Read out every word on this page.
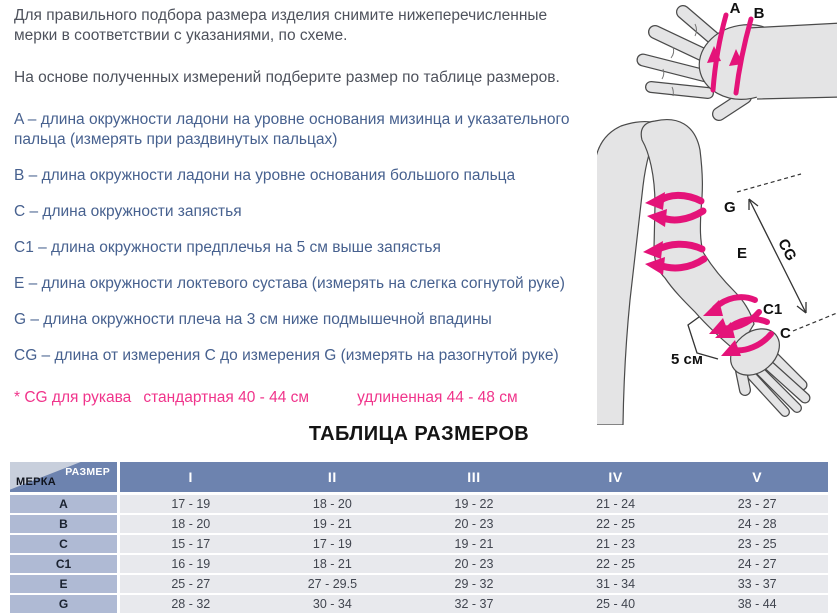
Для правильного подбора размера изделия снимите нижеперечисленные мерки в соответствии с указаниями, по схеме.
На основе полученных измерений подберите размер по таблице размеров.
A – длина окружности ладони на уровне основания мизинца и указательного пальца (измерять при раздвинутых пальцах)
B – длина окружности ладони на уровне основания большого пальца
C – длина окружности запястья
C1 – длина окружности предплечья на 5 см выше запястья
E – длина окружности локтевого сустава (измерять на слегка согнутой руке)
G – длина окружности плеча на 3 см ниже подмышечной впадины
CG – длина от измерения C до измерения G (измерять на разогнутой руке)
* CG для рукава стандартная 40 - 44 см	удлиненная 44 - 48 см
A B
G
E
C1
C
CG
5 см
ТАБЛИЦА РАЗМЕРОВ
РАЗМЕР
МЕРКА	I	II	III	IV	V
A	17 - 19	18 - 20	19 - 22	21 - 24	23 - 27
B	18 - 20	19 - 21	20 - 23	22 - 25	24 - 28
C	15 - 17	17 - 19	19 - 21	21 - 23	23 - 25
C1	16 - 19	18 - 21	20 - 23	22 - 25	24 - 27
E	25 - 27	27 - 29.5	29 - 32	31 - 34	33 - 37
G	28 - 32	30 - 34	32 - 37	25 - 40	38 - 44
